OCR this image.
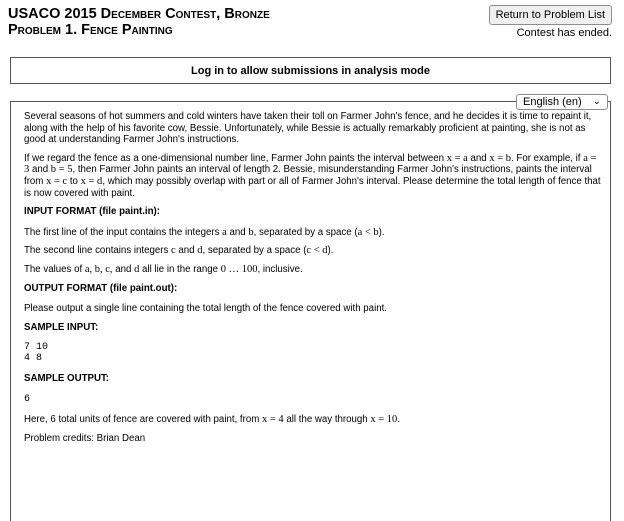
USACO 2015 December Contest, Bronze
Problem 1. Fence Painting
Return to Problem List
Contest has ended.
Log in to allow submissions in analysis mode
English (en) ⌄

Several seasons of hot summers and cold winters have taken their toll on Farmer John's fence, and he decides it is time to repaint it, along with the help of his favorite cow, Bessie. Unfortunately, while Bessie is actually remarkably proficient at painting, she is not as good at understanding Farmer John's instructions.

If we regard the fence as a one-dimensional number line, Farmer John paints the interval between x = a and x = b. For example, if a = 3 and b = 5, then Farmer John paints an interval of length 2. Bessie, misunderstanding Farmer John's instructions, paints the interval from x = c to x = d, which may possibly overlap with part or all of Farmer John's interval. Please determine the total length of fence that is now covered with paint.

INPUT FORMAT (file paint.in):

The first line of the input contains the integers a and b, separated by a space (a < b).

The second line contains integers c and d, separated by a space (c < d).

The values of a, b, c, and d all lie in the range 0 … 100, inclusive.

OUTPUT FORMAT (file paint.out):

Please output a single line containing the total length of the fence covered with paint.

SAMPLE INPUT:

7 10
4 8

SAMPLE OUTPUT:

6

Here, 6 total units of fence are covered with paint, from x = 4 all the way through x = 10.

Problem credits: Brian Dean
